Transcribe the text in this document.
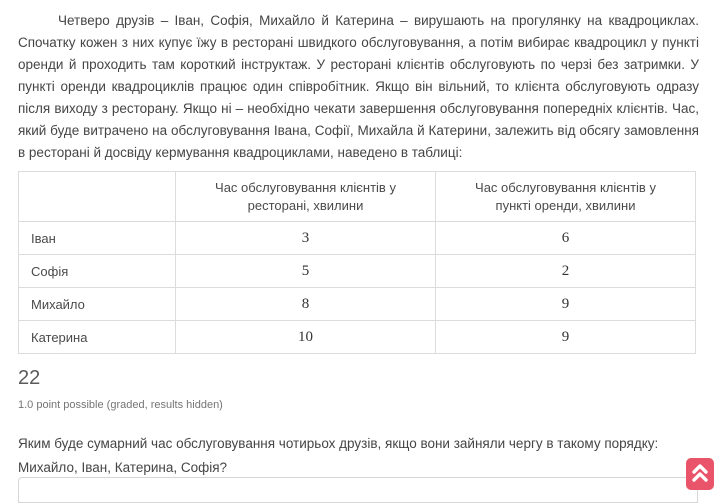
Четверо друзів – Іван, Софія, Михайло й Катерина – вирушають на прогулянку на квадроциклах. Спочатку кожен з них купує їжу в ресторані швидкого обслуговування, а потім вибирає квадроцикл у пункті оренди й проходить там короткий інструктаж. У ресторані клієнтів обслуговують по черзі без затримки. У пункті оренди квадроциклів працює один співробітник. Якщо він вільний, то клієнта обслуговують одразу після виходу з ресторану. Якщо ні – необхідно чекати завершення обслуговування попередніх клієнтів. Час, який буде витрачено на обслуговування Івана, Софії, Михайла й Катерини, залежить від обсягу замовлення в ресторані й досвіду кермування квадроциклами, наведено в таблиці:

	Час обслуговування клієнтів у ресторані, хвилини	Час обслуговування клієнтів у пункті оренди, хвилини
Іван	3	6
Софія	5	2
Михайло	8	9
Катерина	10	9
22
1.0 point possible (graded, results hidden)

Яким буде сумарний час обслуговування чотирьох друзів, якщо вони зайняли чергу в такому порядку: Михайло, Іван, Катерина, Софія?
